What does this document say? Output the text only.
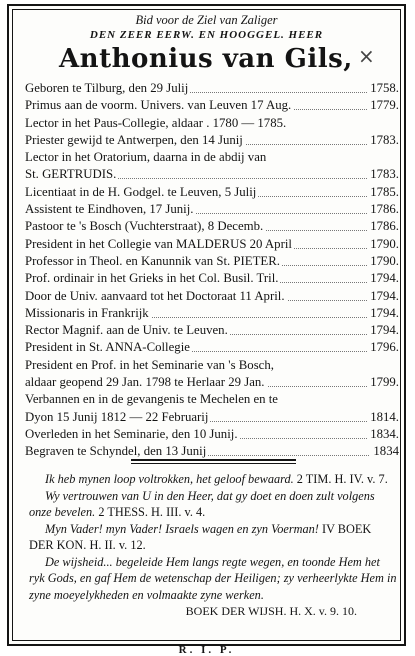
Bid voor de Ziel van Zaliger
DEN ZEER EERW. EN HOOGGEL. HEER
Anthonius van Gils, ×
Geboren te Tilburg, den 29 Julij	1758.
Primus aan de voorm. Univers. van Leuven 17 Aug.	1779.
Lector in het Paus-Collegie, aldaar . 1780 — 1785.
Priester gewijd te Antwerpen, den 14 Junij	1783.
Lector in het Oratorium, daarna in de abdij van
St. GERTRUDIS.	1783.
Licentiaat in de H. Godgel. te Leuven, 5 Julij	1785.
Assistent te Eindhoven, 17 Junij.	1786.
Pastoor te 's Bosch (Vuchterstraat), 8 Decemb.	1786.
President in het Collegie van MALDERUS 20 April	1790.
Professor in Theol. en Kanunnik van St. PIETER.	1790.
Prof. ordinair in het Grieks in het Col. Busil. Tril.	1794.
Door de Univ. aanvaard tot het Doctoraat 11 April.	1794.
Missionaris in Frankrijk	1794.
Rector Magnif. aan de Univ. te Leuven.	1794.
President in St. ANNA-Collegie	1796.
President en Prof. in het Seminarie van 's Bosch,
aldaar geopend 29 Jan. 1798 te Herlaar 29 Jan.	1799.
Verbannen en in de gevangenis te Mechelen en te
Dyon 15 Junij 1812 — 22 Februarij	1814.
Overleden in het Seminarie, den 10 Junij.	1834.
Begraven te Schyndel, den 13 Junij	1834
Ik heb mynen loop voltrokken, het geloof bewaard. 2 TIM. H. IV. v. 7.
Wy vertrouwen van U in den Heer, dat gy doet en doen zult volgens onze bevelen. 2 THESS. H. III. v. 4.
Myn Vader! myn Vader! Israels wagen en zyn Voerman! IV BOEK DER KON. H. II. v. 12.
De wijsheid... begeleide Hem langs regte wegen, en toonde Hem het ryk Gods, en gaf Hem de wetenschap der Heiligen; zy verheerlykte Hem in zyne moeyelykheden en volmaakte zyne werken.
BOEK DER WIJSH. H. X. v. 9. 10.
R. I. P.
